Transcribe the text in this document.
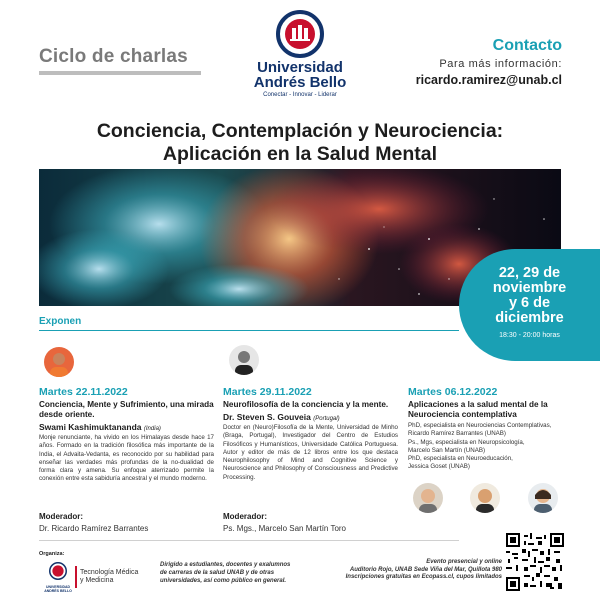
Ciclo de charlas
Universidad
Andrés Bello
Conectar - Innovar - Liderar
Contacto
Para más información:
ricardo.ramirez@unab.cl
Conciencia, Contemplación y Neurociencia:
Aplicación en la Salud Mental
22, 29 de
noviembre
y 6 de
diciembre
18:30 - 20:00 horas
Exponen
Martes 22.11.2022
Conciencia, Mente y Sufrimiento, una mirada desde oriente.
Swami Kashimuktananda (India)
Monje renunciante, ha vivido en los Himalayas desde hace 17 años. Formado en la tradición filosófica más importante de la India, el Advaita-Vedanta, es reconocido por su habilidad para enseñar las verdades más profundas de la no-dualidad de forma clara y amena. Su enfoque aterrizado permite la conexión entre esta sabiduría ancestral y el mundo moderno.
Moderador:
Dr. Ricardo Ramírez Barrantes
Martes 29.11.2022
Neurofilosofía de la conciencia y la mente.
Dr. Steven S. Gouveia (Portugal)
Doctor en (Neuro)Filosofía de la Mente, Universidad de Minho (Braga, Portugal), Investigador del Centro de Estudios Filosóficos y Humanísticos, Universidade Católica Portuguesa. Autor y editor de más de 12 libros entre los que destaca Neurophilosophy of Mind and Cognitive Science y Neuroscience and Philosophy of Consciousness and Predictive Processing.
Moderador:
Ps. Mgs., Marcelo San Martín Toro
Martes 06.12.2022
Aplicaciones a la salud mental de la Neurociencia contemplativa
PhD, especialista en Neurociencias Contemplativas,
Ricardo Ramírez Barrantes (UNAB)
Ps., Mgs, especialista en Neuropsicología,
Marcelo San Martín (UNAB)
PhD, especialista en Neuroeducación,
Jessica Goset (UNAB)
Organiza:
UNIVERSIDAD
ANDRÉS BELLO
Tecnología Médica
y Medicina
Dirigido a estudiantes, docentes y exalumnos
de carreras de la salud UNAB y de otras
universidades, así como público en general.
Evento presencial y online
Auditorio Rojo, UNAB Sede Viña del Mar, Quillota 980
Inscripciones gratuitas en Ecopass.cl, cupos limitados
